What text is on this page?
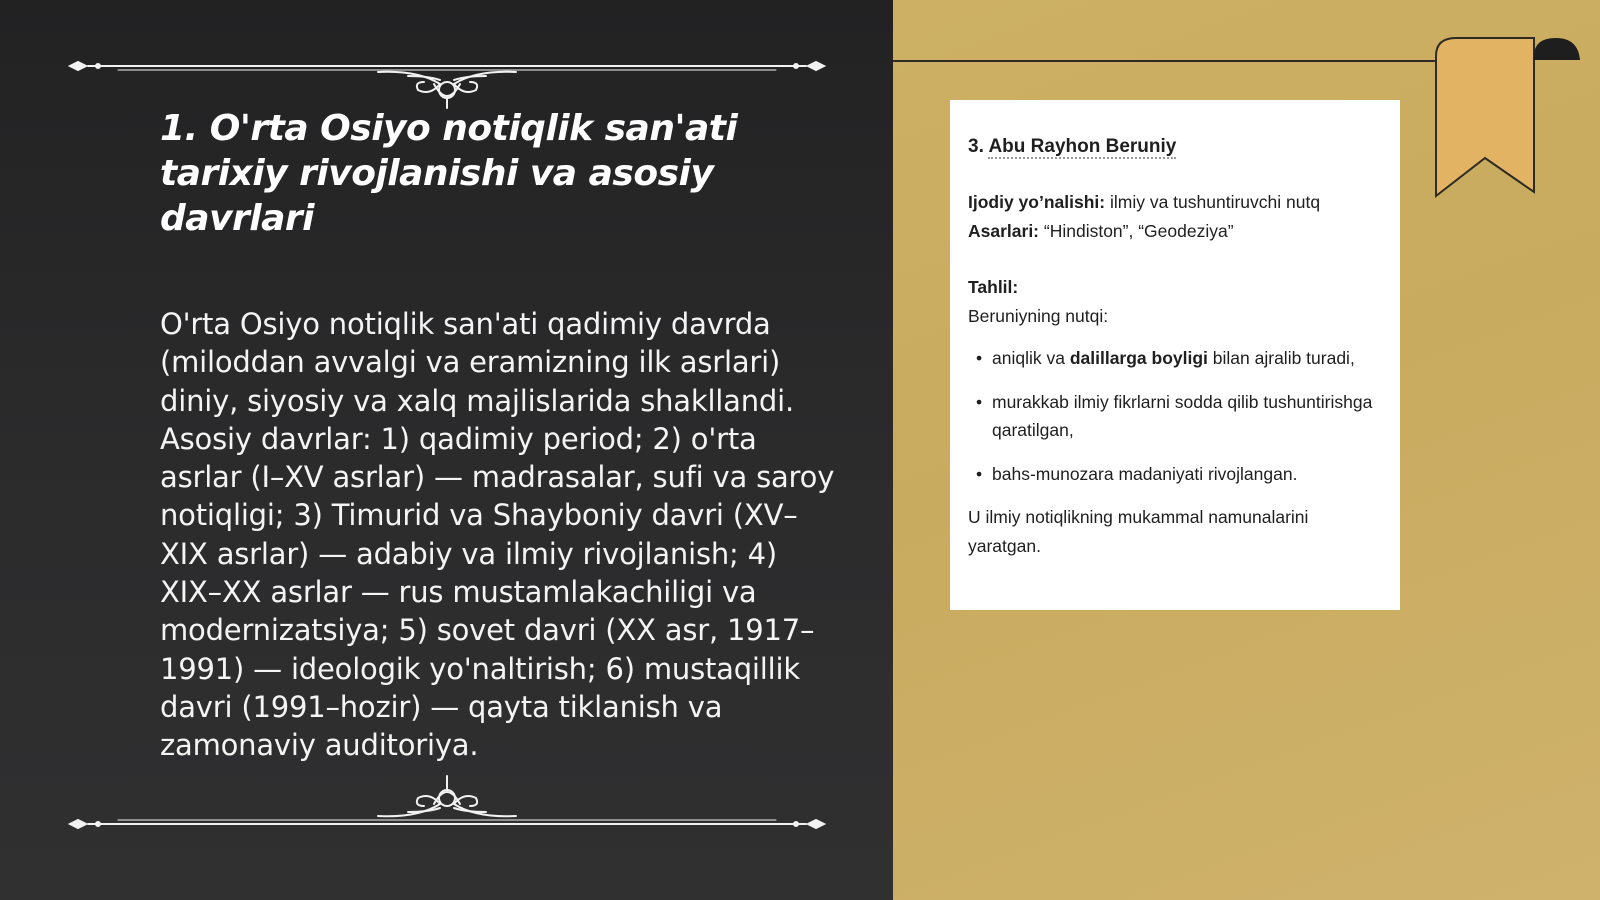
1. O'rta Osiyo notiqlik san'ati tarixiy rivojlanishi va asosiy davrlari

O'rta Osiyo notiqlik san'ati qadimiy davrda (miloddan avvalgi va eramizning ilk asrlari) diniy, siyosiy va xalq majlislarida shakllandi. Asosiy davrlar: 1) qadimiy period; 2) o'rta asrlar (I–XV asrlar) — madrasalar, sufi va saroy notiqligi; 3) Timurid va Shayboniy davri (XV–XIX asrlar) — adabiy va ilmiy rivojlanish; 4) XIX–XX asrlar — rus mustamlakachiligi va modernizatsiya; 5) sovet davri (XX asr, 1917–1991) — ideologik yo'naltirish; 6) mustaqillik davri (1991–hozir) — qayta tiklanish va zamonaviy auditoriya.

3. Abu Rayhon Beruniy

Ijodiy yo’nalishi: ilmiy va tushuntiruvchi nutq

Asarlari: “Hindiston”, “Geodeziya”

Tahlil:

Beruniyning nutqi:

• aniqlik va dalillarga boyligi bilan ajralib turadi,
• murakkab ilmiy fikrlarni sodda qilib tushuntirishga qaratilgan,
• bahs-munozara madaniyati rivojlangan.

U ilmiy notiqlikning mukammal namunalarini yaratgan.
